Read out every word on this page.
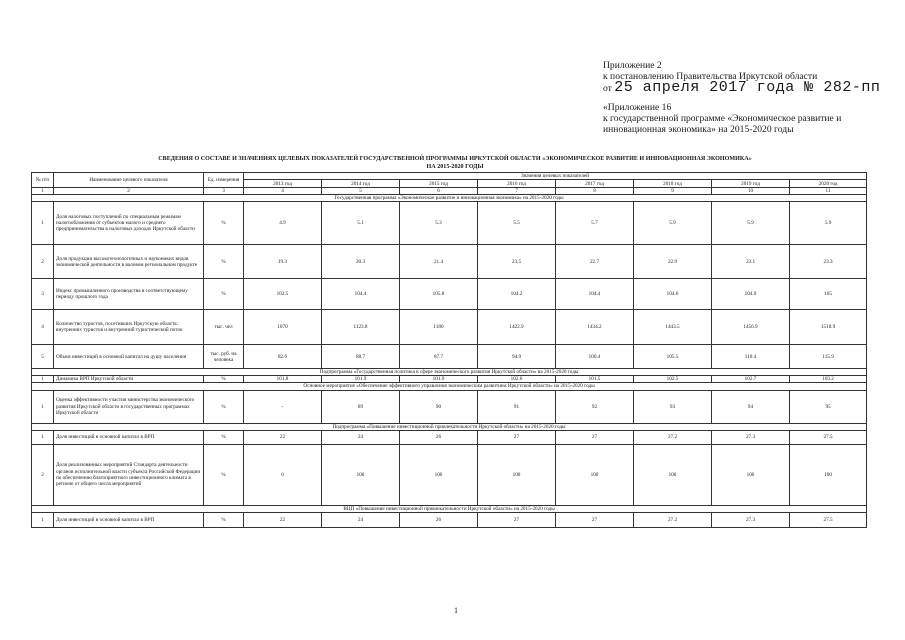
Приложение 2
к постановлению Правительства Иркутской области
от 25 апреля 2017 года № 282-пп
«Приложение 16
к государственной программе «Экономическое развитие и инновационная экономика» на 2015-2020 годы
СВЕДЕНИЯ О СОСТАВЕ И ЗНАЧЕНИЯХ ЦЕЛЕВЫХ ПОКАЗАТЕЛЕЙ ГОСУДАРСТВЕННОЙ ПРОГРАММЫ ИРКУТСКОЙ ОБЛАСТИ «ЭКОНОМИЧЕСКОЕ РАЗВИТИЕ И ИННОВАЦИОННАЯ ЭКОНОМИКА»
НА 2015-2020 ГОДЫ
№ п/п	Наименование целевого показателя	Ед. измерения	Значения целевых показателей							
			2013 год	2014 год	2015 год	2016 год	2017 год	2018 год	2019 год	2020 год
1	2	3	4	5	6	7	8	9	10	11
Государственная программа «Экономическое развитие и инновационная экономика» на 2015-2020 годы										
1	Доля налоговых поступлений по специальным режимам налогообложения от субъектов малого и среднего предпринимательства в налоговых доходах Иркутской области	%	4.9	5.1	5.3	5.5	5.7	5.9	5.9	5.9
2	Доля продукции высокотехнологичных и наукоемких видов экономической деятельности в валовом региональном продукте	%	19.3	20.3	21.4	23.5	22.7	22.9	23.1	23.3
3	Индекс промышленного производства в соответствующему периоду прошлого года	%	102.5	104.4	105.8	104.2	104.4	104.6	104.9	105
4	Количество туристов, посетивших Иркутскую область: внутренних туристов и внутренний туристический поток	тыс. чел	1070	1123.8	1180	1422.9	1434.2	1443.5	1456.9	1518.9
5	Объем инвестиций в основной капитал на душу населения	тыс. руб. на человека	82.6	88.7	87.7	94.9	100.4	105.5	110.4	115.9
Подпрограмма «Государственная политика в сфере экономического развития Иркутской области» на 2015-2020 годы										
1	Динамика ВРП Иркутской области	%	101.8	101.9	101.9	102.6	101.5	102.5	102.7	103.2
Основное мероприятие «Обеспечение эффективного управления экономическим развитием Иркутской области» на 2015-2020 годы										
1	Оценка эффективности участия министерства экономического развития Иркутской области в государственных программах Иркутской области	%	-	89	90	91	92	93	94	95
Подпрограмма «Повышение инвестиционной привлекательности Иркутской области» на 2015-2020 годы										
1	Доля инвестиций в основной капитал в ВРП	%	22	24	26	27	27	27.2	27.3	27.5
2	Доля реализованных мероприятий Стандарта деятельности органов исполнительной власти субъекта Российской Федерации по обеспечению благоприятного инвестиционного климата в регионе от общего числа мероприятий	%	0	100	100	100	100	100	100	100
ВЦП «Повышение инвестиционной привлекательности Иркутской области» на 2015-2020 годы										
1	Доля инвестиций в основной капитал в ВРП	%	22	24	26	27	27	27.2	27.3	27.5
1
